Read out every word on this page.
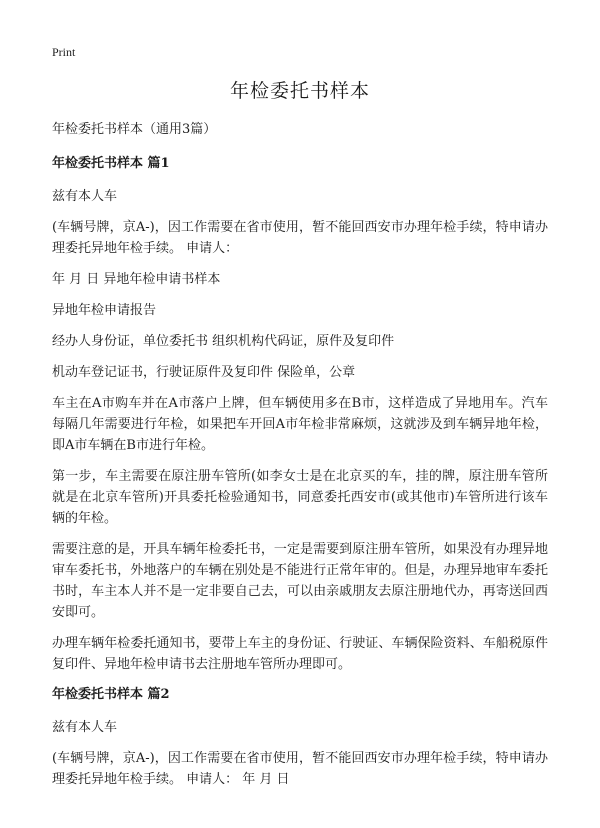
Print
年检委托书样本
年检委托书样本（通用3篇）
年检委托书样本 篇1

兹有本人车

(车辆号牌，京A-)，因工作需要在省市使用，暂不能回西安市办理年检手续，特申请办理委托异地年检手续。 申请人：

年 月 日 异地年检申请书样本

异地年检申请报告

经办人身份证，单位委托书 组织机构代码证，原件及复印件

机动车登记证书，行驶证原件及复印件 保险单，公章

车主在A市购车并在A市落户上牌，但车辆使用多在B市，这样造成了异地用车。汽车每隔几年需要进行年检，如果把车开回A市年检非常麻烦，这就涉及到车辆异地年检，即A市车辆在B市进行年检。

第一步，车主需要在原注册车管所(如李女士是在北京买的车，挂的牌，原注册车管所就是在北京车管所)开具委托检验通知书，同意委托西安市(或其他市)车管所进行该车辆的年检。

需要注意的是，开具车辆年检委托书，一定是需要到原注册车管所，如果没有办理异地审车委托书，外地落户的车辆在别处是不能进行正常年审的。但是，办理异地审车委托书时，车主本人并不是一定非要自己去，可以由亲戚朋友去原注册地代办，再寄送回西安即可。

办理车辆年检委托通知书，要带上车主的身份证、行驶证、车辆保险资料、车船税原件复印件、异地年检申请书去注册地车管所办理即可。

年检委托书样本 篇2

兹有本人车

(车辆号牌，京A-)，因工作需要在省市使用，暂不能回西安市办理年检手续，特申请办理委托异地年检手续。 申请人： 年 月 日
